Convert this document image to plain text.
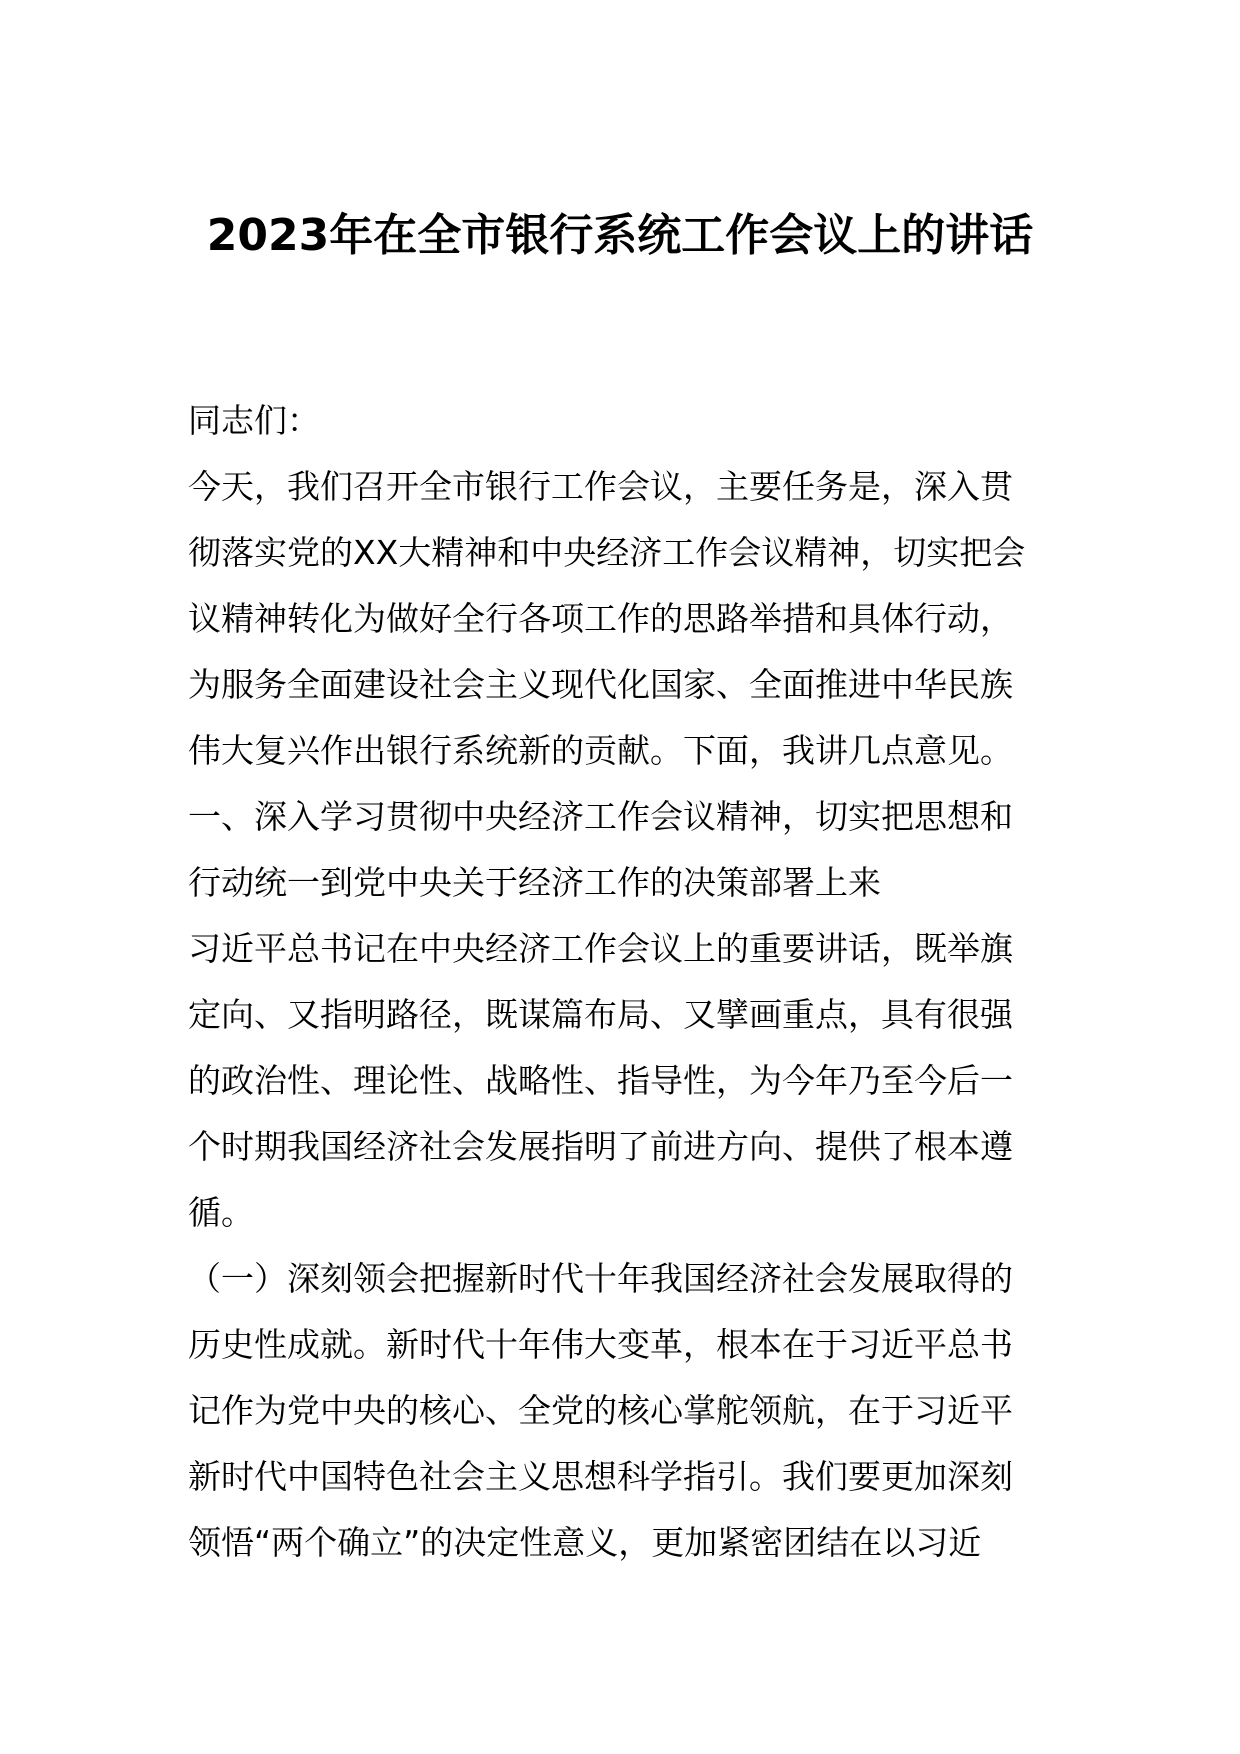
2023年在全市银行系统工作会议上的讲话
同志们：
今天，我们召开全市银行工作会议，主要任务是，深入贯
彻落实党的XX大精神和中央经济工作会议精神，切实把会
议精神转化为做好全行各项工作的思路举措和具体行动，
为服务全面建设社会主义现代化国家、全面推进中华民族
伟大复兴作出银行系统新的贡献。下面，我讲几点意见。
一、深入学习贯彻中央经济工作会议精神，切实把思想和
行动统一到党中央关于经济工作的决策部署上来
习近平总书记在中央经济工作会议上的重要讲话，既举旗
定向、又指明路径，既谋篇布局、又擘画重点，具有很强
的政治性、理论性、战略性、指导性，为今年乃至今后一
个时期我国经济社会发展指明了前进方向、提供了根本遵
循。
（一）深刻领会把握新时代十年我国经济社会发展取得的
历史性成就。新时代十年伟大变革，根本在于习近平总书
记作为党中央的核心、全党的核心掌舵领航，在于习近平
新时代中国特色社会主义思想科学指引。我们要更加深刻
领悟“两个确立”的决定性意义，更加紧密团结在以习近
